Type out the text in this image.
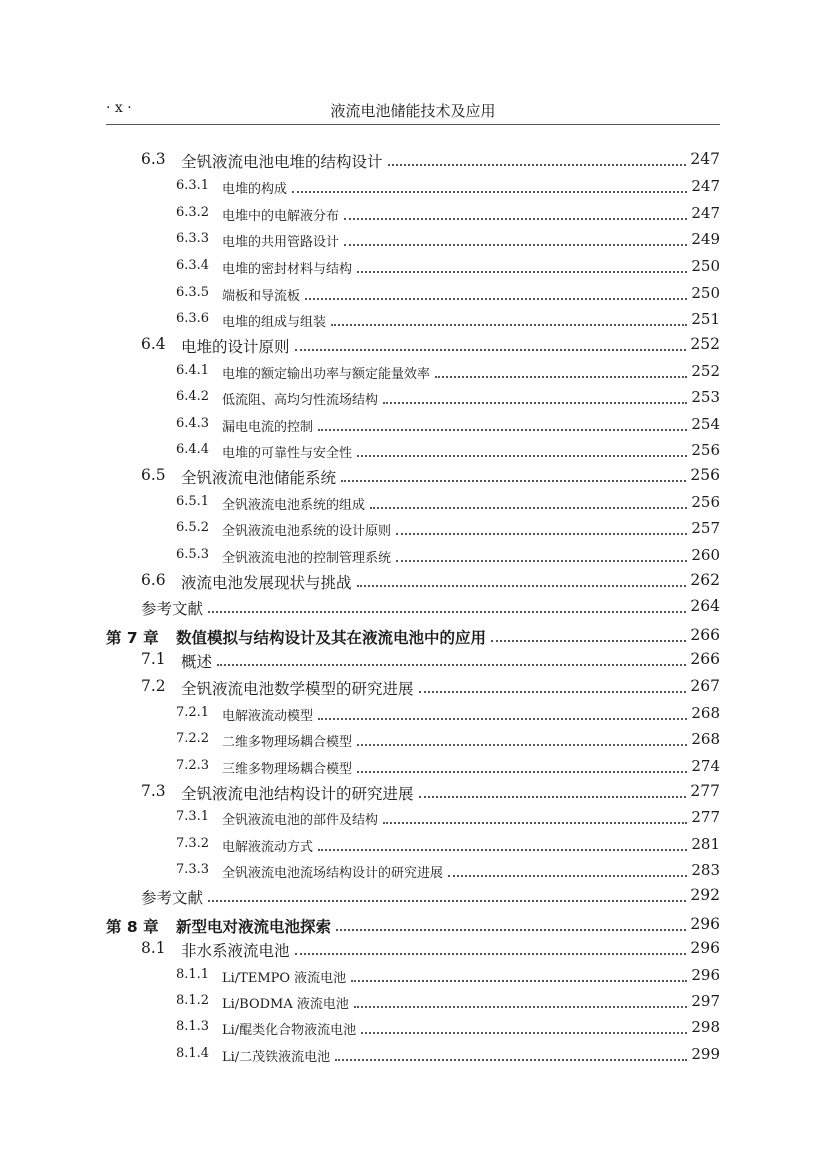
· x ·	液流电池储能技术及应用
6.3 全钒液流电池电堆的结构设计	247
6.3.1 电堆的构成	247
6.3.2 电堆中的电解液分布	247
6.3.3 电堆的共用管路设计	249
6.3.4 电堆的密封材料与结构	250
6.3.5 端板和导流板	250
6.3.6 电堆的组成与组装	251
6.4 电堆的设计原则	252
6.4.1 电堆的额定输出功率与额定能量效率	252
6.4.2 低流阻、高均匀性流场结构	253
6.4.3 漏电电流的控制	254
6.4.4 电堆的可靠性与安全性	256
6.5 全钒液流电池储能系统	256
6.5.1 全钒液流电池系统的组成	256
6.5.2 全钒液流电池系统的设计原则	257
6.5.3 全钒液流电池的控制管理系统	260
6.6 液流电池发展现状与挑战	262
参考文献	264
第 7 章 数值模拟与结构设计及其在液流电池中的应用	266
7.1 概述	266
7.2 全钒液流电池数学模型的研究进展	267
7.2.1 电解液流动模型	268
7.2.2 二维多物理场耦合模型	268
7.2.3 三维多物理场耦合模型	274
7.3 全钒液流电池结构设计的研究进展	277
7.3.1 全钒液流电池的部件及结构	277
7.3.2 电解液流动方式	281
7.3.3 全钒液流电池流场结构设计的研究进展	283
参考文献	292
第 8 章 新型电对液流电池探索	296
8.1 非水系液流电池	296
8.1.1 Li/TEMPO 液流电池	296
8.1.2 Li/BODMA 液流电池	297
8.1.3 Li/醌类化合物液流电池	298
8.1.4 Li/二茂铁液流电池	299
